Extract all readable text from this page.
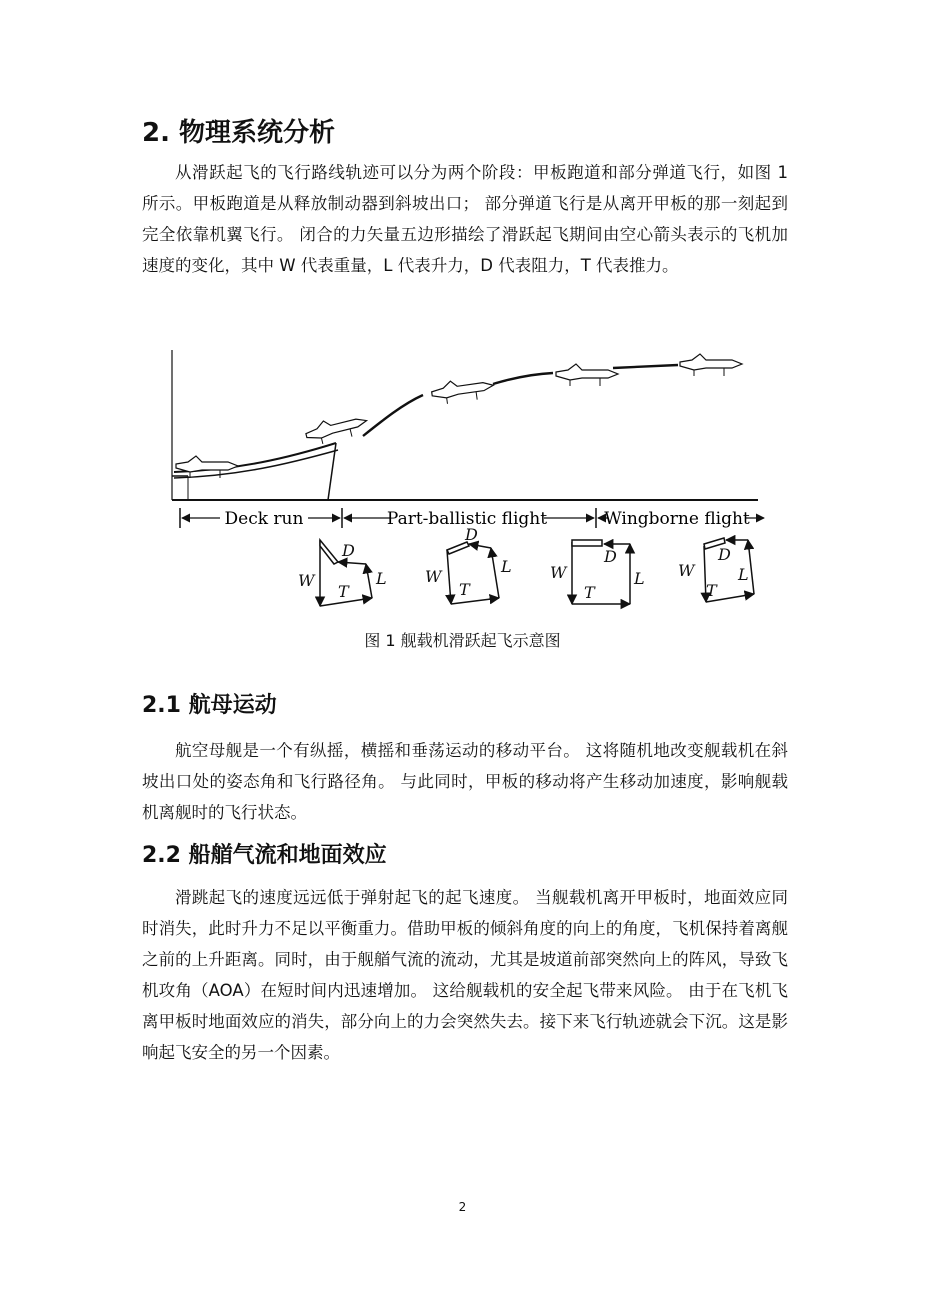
2. 物理系统分析

从滑跃起飞的飞行路线轨迹可以分为两个阶段：甲板跑道和部分弹道飞行，如图 1 所示。甲板跑道是从释放制动器到斜坡出口； 部分弹道飞行是从离开甲板的那一刻起到完全依靠机翼飞行。 闭合的力矢量五边形描绘了滑跃起飞期间由空心箭头表示的飞机加速度的变化，其中 W 代表重量，L 代表升力，D 代表阻力，T 代表推力。

Deck run	Part-ballistic flight	Wingborne flight
D
W
T
L
D
W
T
L
D
W
T
L
D
W
T
L
图 1 舰载机滑跃起飞示意图
2.1 航母运动

航空母舰是一个有纵摇，横摇和垂荡运动的移动平台。 这将随机地改变舰载机在斜坡出口处的姿态角和飞行路径角。 与此同时，甲板的移动将产生移动加速度，影响舰载机离舰时的飞行状态。

2.2 船艏气流和地面效应

滑跳起飞的速度远远低于弹射起飞的起飞速度。 当舰载机离开甲板时，地面效应同时消失，此时升力不足以平衡重力。借助甲板的倾斜角度的向上的角度，飞机保持着离舰之前的上升距离。同时，由于舰艏气流的流动，尤其是坡道前部突然向上的阵风，导致飞机攻角（AOA）在短时间内迅速增加。 这给舰载机的安全起飞带来风险。 由于在飞机飞离甲板时地面效应的消失，部分向上的力会突然失去。接下来飞行轨迹就会下沉。这是影响起飞安全的另一个因素。

2
